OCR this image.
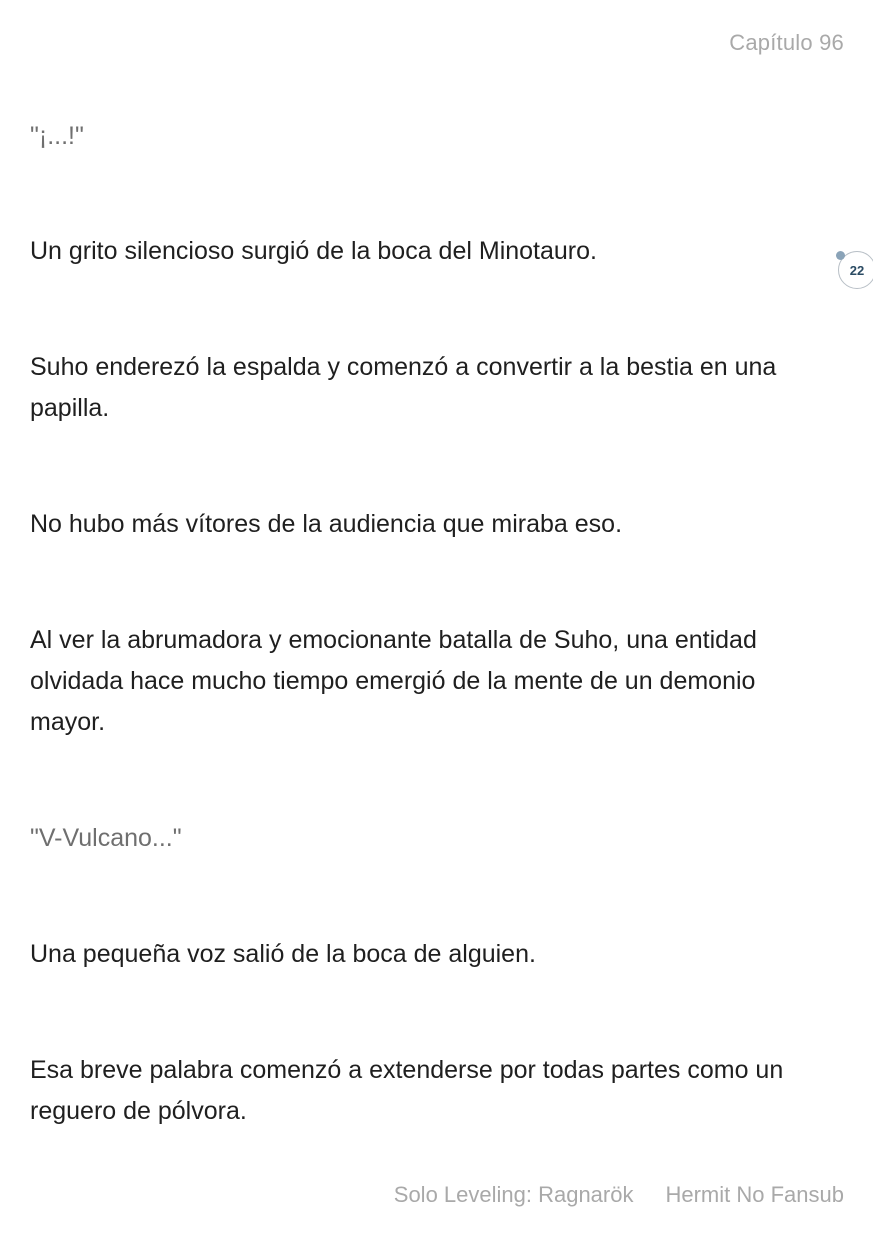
Capítulo 96

"¡...!"

Un grito silencioso surgió de la boca del Minotauro.

Suho enderezó la espalda y comenzó a convertir a la bestia en una papilla.

No hubo más vítores de la audiencia que miraba eso.

Al ver la abrumadora y emocionante batalla de Suho, una entidad olvidada hace mucho tiempo emergió de la mente de un demonio mayor.

"V-Vulcano..."

Una pequeña voz salió de la boca de alguien.

Esa breve palabra comenzó a extenderse por todas partes como un reguero de pólvora.

22
Solo Leveling: Ragnarök Hermit No Fansub
